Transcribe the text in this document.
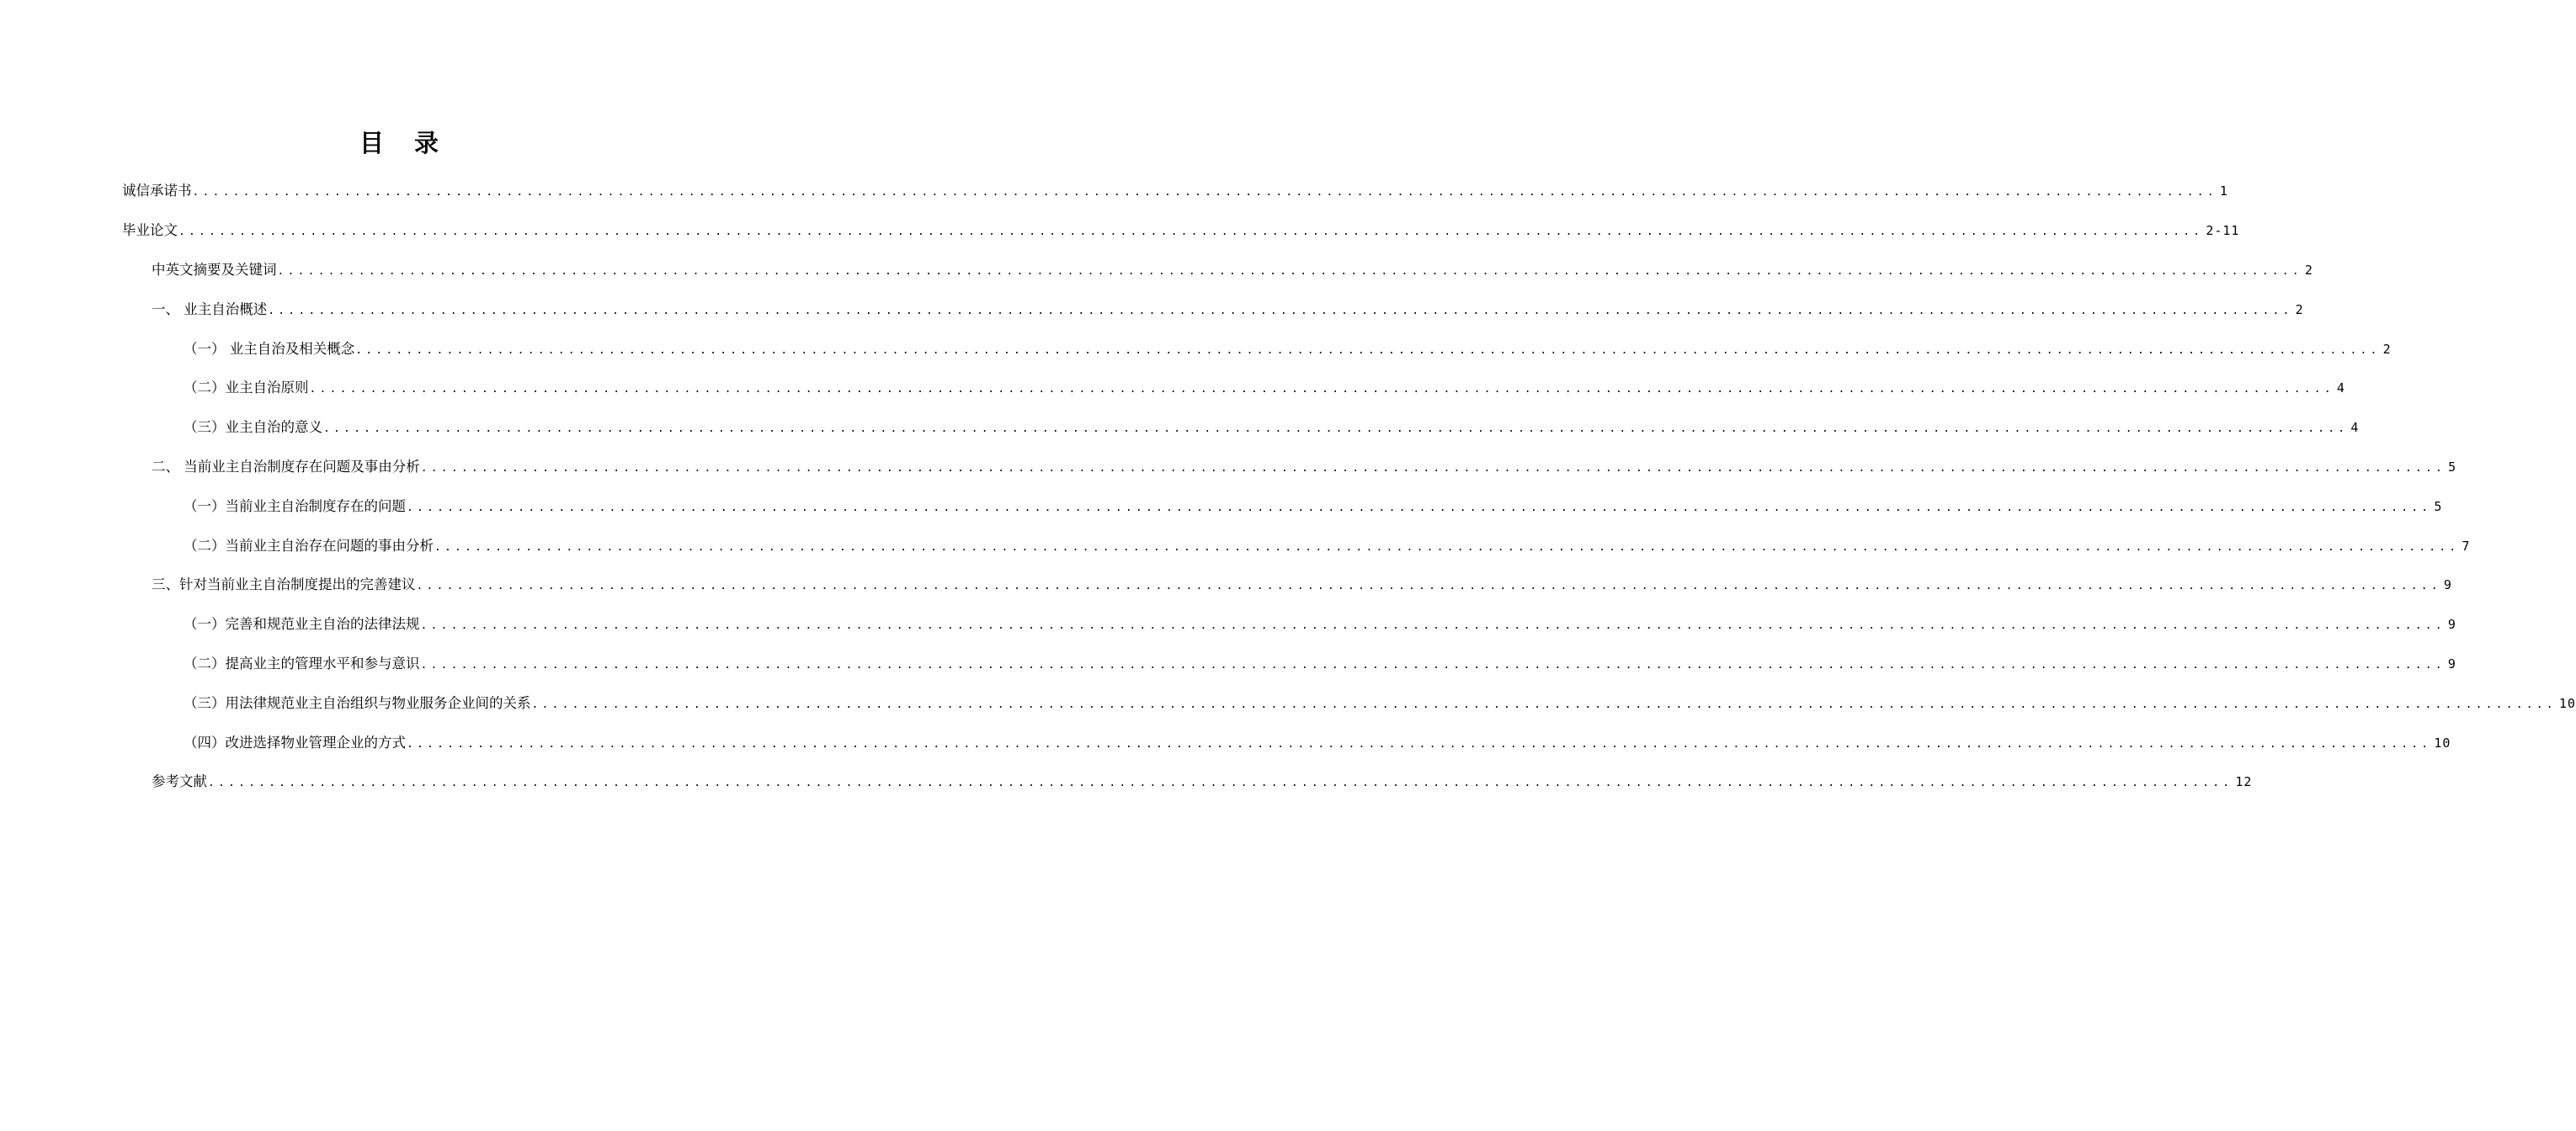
目 录
诚信承诺书 ........................................................................................................................................................................................................ 1
毕业论文 ........................................................................................................................................................................................................ 2-11
中英文摘要及关键词 ........................................................................................................................................................................................................ 2
一、 业主自治概述 ........................................................................................................................................................................................................ 2
（一） 业主自治及相关概念 ........................................................................................................................................................................................................ 2
（二）业主自治原则 ........................................................................................................................................................................................................ 4
（三）业主自治的意义 ........................................................................................................................................................................................................ 4
二、 当前业主自治制度存在问题及事由分析 ........................................................................................................................................................................................................ 5
（一）当前业主自治制度存在的问题 ........................................................................................................................................................................................................ 5
（二）当前业主自治存在问题的事由分析 ........................................................................................................................................................................................................ 7
三、针对当前业主自治制度提出的完善建议 ........................................................................................................................................................................................................ 9
（一）完善和规范业主自治的法律法规 ........................................................................................................................................................................................................ 9
（二）提高业主的管理水平和参与意识 ........................................................................................................................................................................................................ 9
（三）用法律规范业主自治组织与物业服务企业间的关系 ........................................................................................................................................................................................................ 10
（四）改进选择物业管理企业的方式 ........................................................................................................................................................................................................ 10
参考文献 ........................................................................................................................................................................................................ 12
